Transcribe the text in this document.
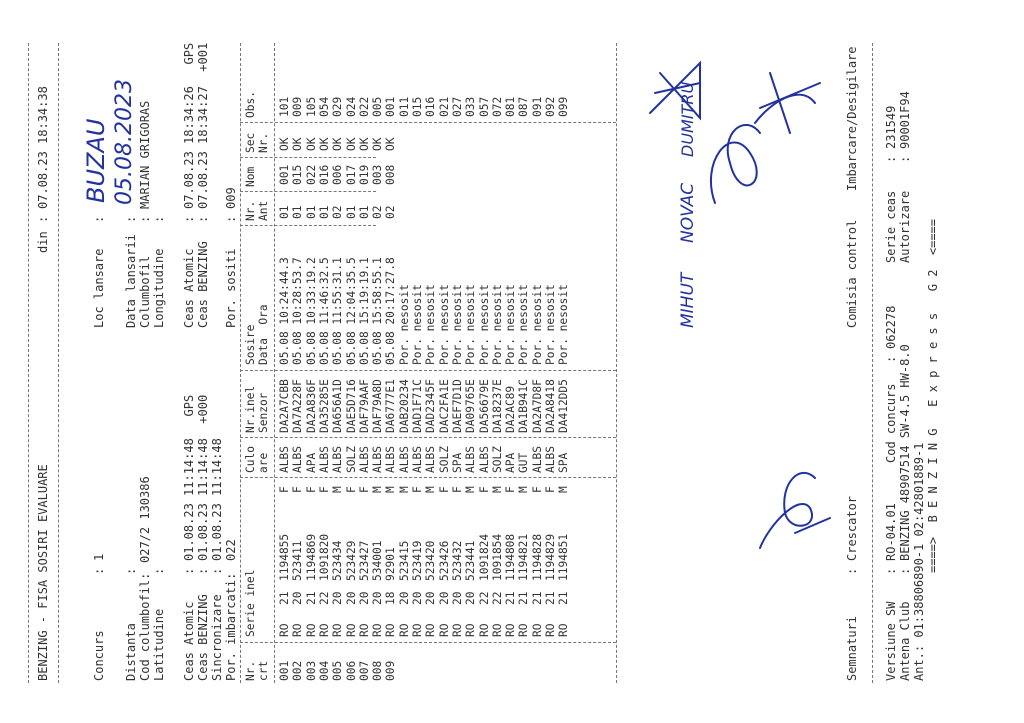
BENZING - FISA SOSIRI EVALUARE
din
:
07.08.23 18:34:38
Concurs
:
1
Loc lansare
:
BUZAU
Distanta
:
Data lansarii
:
05.08.2023
Cod columbofil:
027/2 130386
Columbofil
:
MARIAN GRIGORAS
Latitudine
:
Longitudine
:
Ceas Atomic
:
01.08.23 11:14:48   GPS
Ceas Atomic
:
07.08.23 18:34:26   GPS
Ceas BENZING
:
01.08.23 11:14:48  +000
Ceas BENZING
:
07.08.23 18:34:27  +001
Sincronizare
:
01.08.23 11:14:48
Por. imbarcati:
022
Por. sositi
:
009
Nr. crt
Serie inel
Culo are
Nr.inel Senzor
Sosire Data  Ora
Nr. Ant
Nom
Sec Nr.
Obs.
001
RO
21
1194855
F
ALBS
DA2A7CBB
05.08 10:24:44.3
01
001
OK
101
002
RO
20
523411
F
ALBS
DA7A228F
05.08 10:28:53.7
01
015
OK
009
003
RO
21
1194869
F
APA
DA2A836F
05.08 10:33:19.2
01
022
OK
105
004
RO
22
1091820
F
ALBS
DA35285E
05.08 11:46:32.5
01
016
OK
054
005
RO
20
523434
M
ALBS
DA656A1D
05.08 11:55:31.1
02
006
OK
029
006
RO
20
523429
F
SOLZ
DAE5D716
05.08 12:04:35.5
01
017
OK
024
007
RO
20
523427
F
ALBS
DAF79AAF
05.08 15:19:19.1
01
019
OK
022
008
RO
20
534001
M
ALBS
DAF79A8D
05.08 15:58:55.1
02
003
OK
005
009
RO
18
92901
M
ALBS
DA6777E1
05.08 20:17:27.8
02
008
OK
001
RO
20
523415
M
ALBS
DAB20234
Por. nesosit
011
RO
20
523419
F
ALBS
DAD1F71C
Por. nesosit
015
RO
20
523420
M
ALBS
DAD2345F
Por. nesosit
016
RO
20
523426
F
SOLZ
DAC2FA1E
Por. nesosit
021
RO
20
523432
F
SPA
DAEF7D1D
Por. nesosit
027
RO
20
523441
M
ALBS
DA09765E
Por. nesosit
033
RO
22
1091824
F
ALBS
DA56679E
Por. nesosit
057
RO
22
1091854
M
SOLZ
DA18237E
Por. nesosit
072
RO
21
1194808
F
APA
DA2AC89
Por. nesosit
081
RO
21
1194821
M
GUT
DA1B941C
Por. nesosit
087
RO
21
1194828
F
ALBS
DA2A7D8F
Por. nesosit
091
RO
21
1194829
F
ALBS
DA2A8418
Por. nesosit
092
RO
21
1194851
M
SPA
DA412DD5
Por. nesosit
099
Semnaturi
:
Crescator
Comisia control
Imbarcare/Desigilare
MIHUT
NOVAC
DUMITRU
Versiune SW
:
RO-04.01
Cod concurs
:
062278
Serie ceas
:
231549
Antena Club
:
BENZING 48907514 SW-4.5 HW-8.0
Autorizare
:
90001F94
Ant.: 01:38806890-1 02:42801889-1 ====>  B E N Z I N G   E x p r e s s   G 2  <====
